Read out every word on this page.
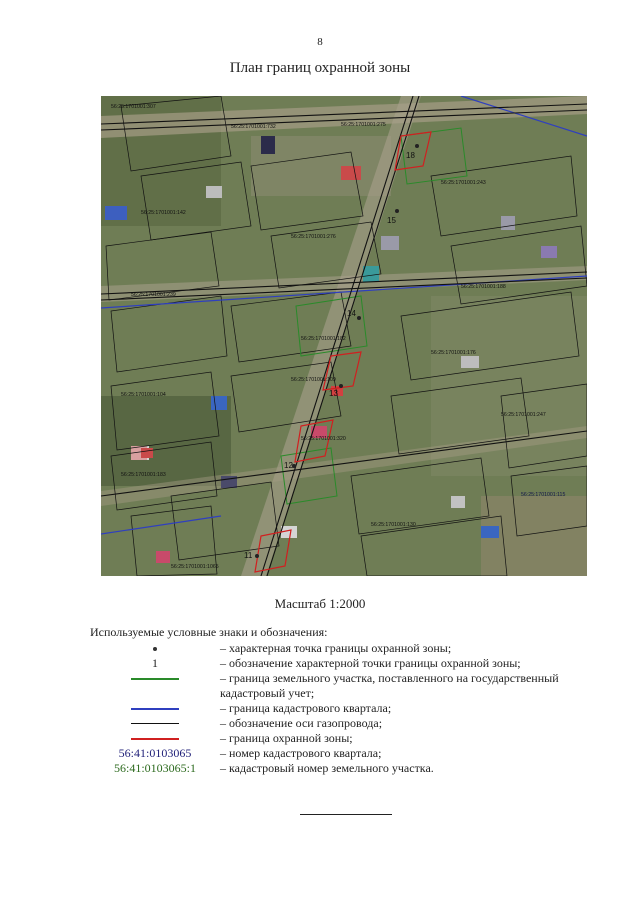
8
План границ охранной зоны
18
15
14
13
12
11
56:25:1701001:307
56:25:1701001:732	56:25:1701001:275
56:25:1701001:142
56:25:1701001:276
56:25:1701001:239
56:25:1701001:182
56:25:1701001:243
56:25:1701001:188
56:25:1701001:104
56:25:1701001:109
56:25:1701001:176
56:25:1701001:1065
56:25:1701001:320
56:25:1701001:130
56:25:1701001:183
56:25:1701001:247
56:25:1701001:115
Масштаб 1:2000
Используемые условные знаки и обозначения:
– характерная точка границы охранной зоны;
1	– обозначение характерной точки границы охранной зоны;
– граница земельного участка, поставленного на государственный кадастровый учет;
– граница кадастрового квартала;
– обозначение оси газопровода;
– граница охранной зоны;
56:41:0103065	– номер кадастрового квартала;
56:41:0103065:1	– кадастровый номер земельного участка.
